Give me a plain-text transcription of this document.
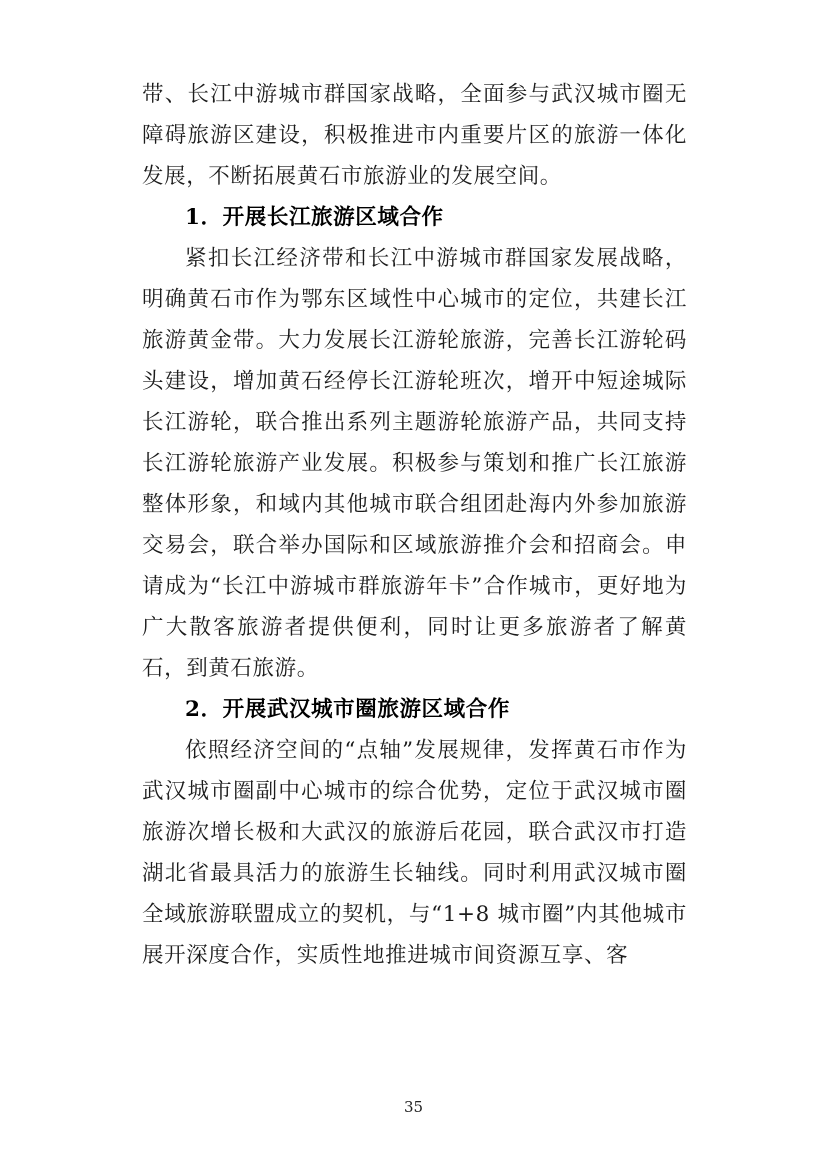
带、长江中游城市群国家战略，全面参与武汉城市圈无障碍旅游区建设，积极推进市内重要片区的旅游一体化发展，不断拓展黄石市旅游业的发展空间。

1．开展长江旅游区域合作

紧扣长江经济带和长江中游城市群国家发展战略，明确黄石市作为鄂东区域性中心城市的定位，共建长江旅游黄金带。大力发展长江游轮旅游，完善长江游轮码头建设，增加黄石经停长江游轮班次，增开中短途城际长江游轮，联合推出系列主题游轮旅游产品，共同支持长江游轮旅游产业发展。积极参与策划和推广长江旅游整体形象，和域内其他城市联合组团赴海内外参加旅游交易会，联合举办国际和区域旅游推介会和招商会。申请成为“长江中游城市群旅游年卡”合作城市，更好地为广大散客旅游者提供便利，同时让更多旅游者了解黄石，到黄石旅游。

2．开展武汉城市圈旅游区域合作

依照经济空间的“点轴”发展规律，发挥黄石市作为武汉城市圈副中心城市的综合优势，定位于武汉城市圈旅游次增长极和大武汉的旅游后花园，联合武汉市打造湖北省最具活力的旅游生长轴线。同时利用武汉城市圈全域旅游联盟成立的契机，与“1+8 城市圈”内其他城市展开深度合作，实质性地推进城市间资源互享、客

35
